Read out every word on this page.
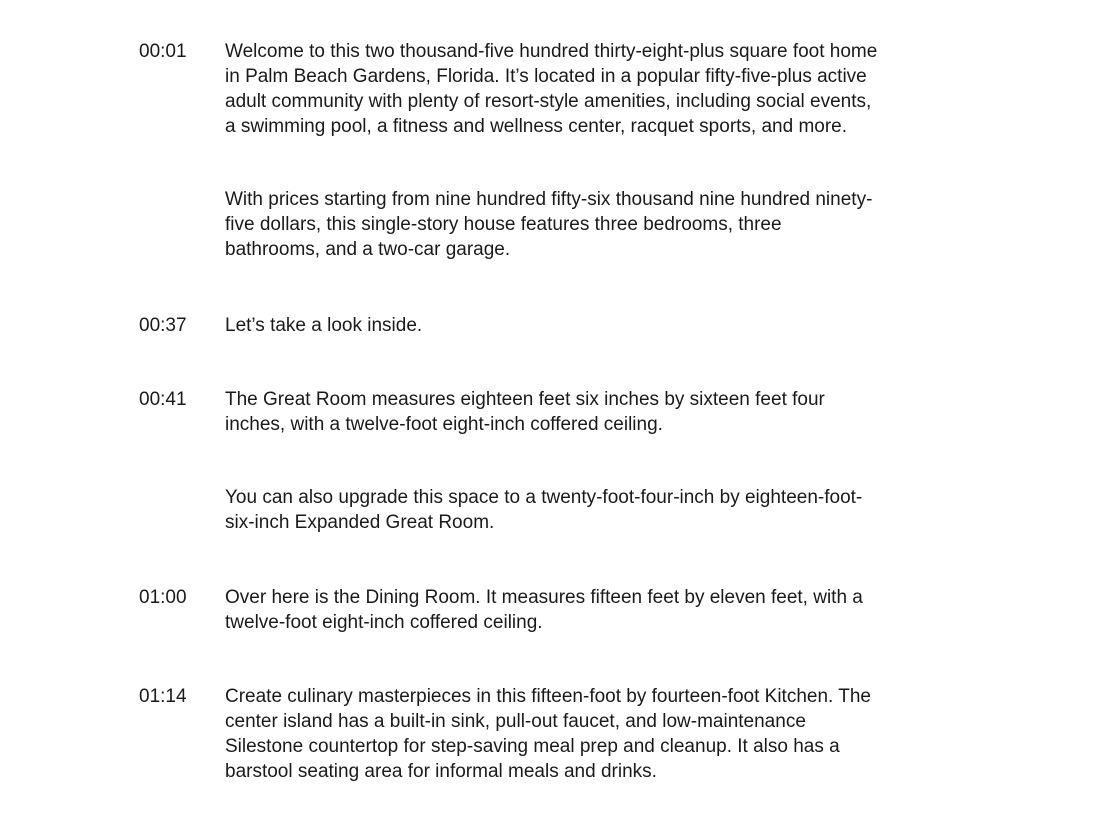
00:01	Welcome to this two thousand-five hundred thirty-eight-plus square foot home
in Palm Beach Gardens, Florida. It’s located in a popular fifty-five-plus active
adult community with plenty of resort-style amenities, including social events,
a swimming pool, a fitness and wellness center, racquet sports, and more.

With prices starting from nine hundred fifty-six thousand nine hundred ninety-
five dollars, this single-story house features three bedrooms, three
bathrooms, and a two-car garage.

00:37	Let’s take a look inside.

00:41	The Great Room measures eighteen feet six inches by sixteen feet four
inches, with a twelve-foot eight-inch coffered ceiling.

You can also upgrade this space to a twenty-foot-four-inch by eighteen-foot-
six-inch Expanded Great Room.

01:00	Over here is the Dining Room. It measures fifteen feet by eleven feet, with a
twelve-foot eight-inch coffered ceiling.

01:14	Create culinary masterpieces in this fifteen-foot by fourteen-foot Kitchen. The
center island has a built-in sink, pull-out faucet, and low-maintenance
Silestone countertop for step-saving meal prep and cleanup. It also has a
barstool seating area for informal meals and drinks.
